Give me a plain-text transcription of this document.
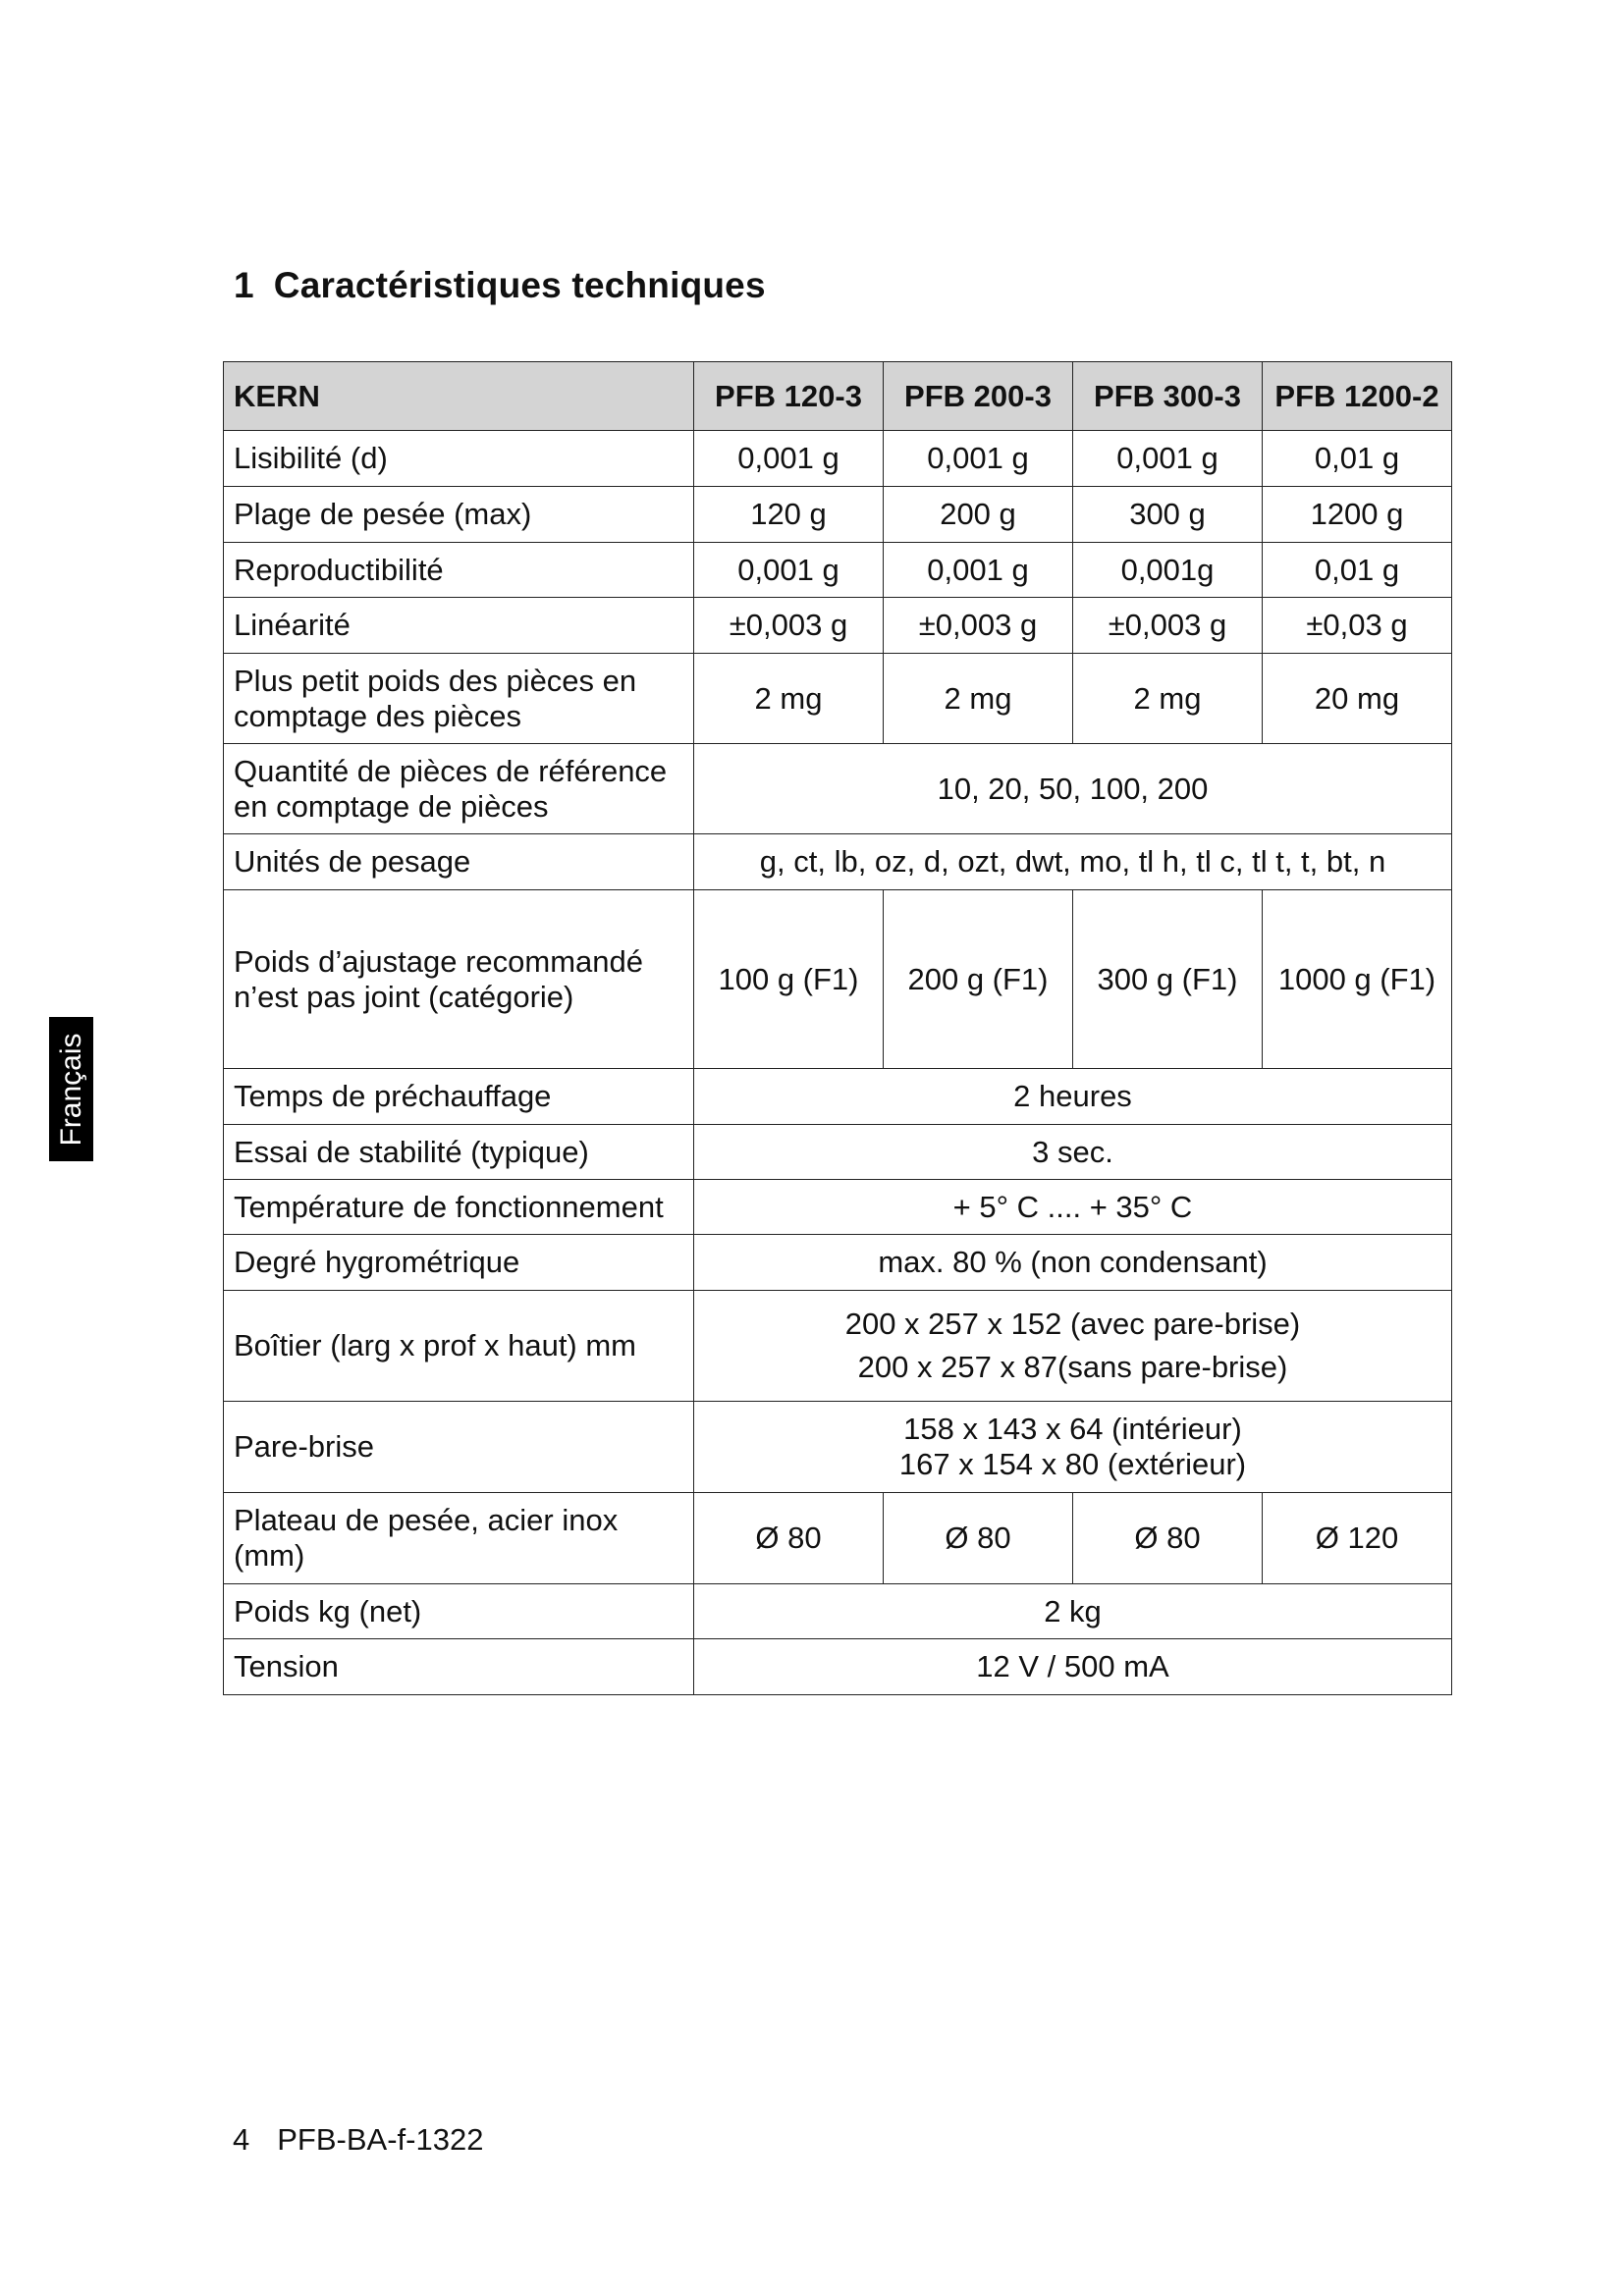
1 Caractéristiques techniques
Français
KERN	PFB 120-3	PFB 200-3	PFB 300-3	PFB 1200-2
Lisibilité (d)	0,001 g	0,001 g	0,001 g	0,01 g
Plage de pesée (max)	120 g	200 g	300 g	1200 g
Reproductibilité	0,001 g	0,001 g	0,001g	0,01 g
Linéarité	±0,003 g	±0,003 g	±0,003 g	±0,03 g
Plus petit poids des pièces en comptage des pièces	2 mg	2 mg	2 mg	20 mg
Quantité de pièces de référence en comptage de pièces	10, 20, 50, 100, 200			
Unités de pesage	g, ct, lb, oz, d, ozt, dwt, mo, tl h, tl c, tl t, t, bt, n			
Poids d’ajustage recommandé n’est pas joint (catégorie)	100 g (F1)	200 g (F1)	300 g (F1)	1000 g (F1)
Temps de préchauffage	2 heures			
Essai de stabilité (typique)	3 sec.			
Température de fonctionnement	+ 5° C .... + 35° C			
Degré hygrométrique	max. 80 % (non condensant)			
Boîtier (larg x prof x haut) mm	200 x 257 x 152 (avec pare-brise)
200 x 257 x 87(sans pare-brise)			

Pare-brise	158 x 143 x 64 (intérieur)
167 x 154 x 80 (extérieur)			

Plateau de pesée, acier inox (mm)	Ø 80	Ø 80	Ø 80	Ø 120
Poids kg (net)	2 kg			
Tension	12 V / 500 mA			
4 PFB-BA-f-1322
